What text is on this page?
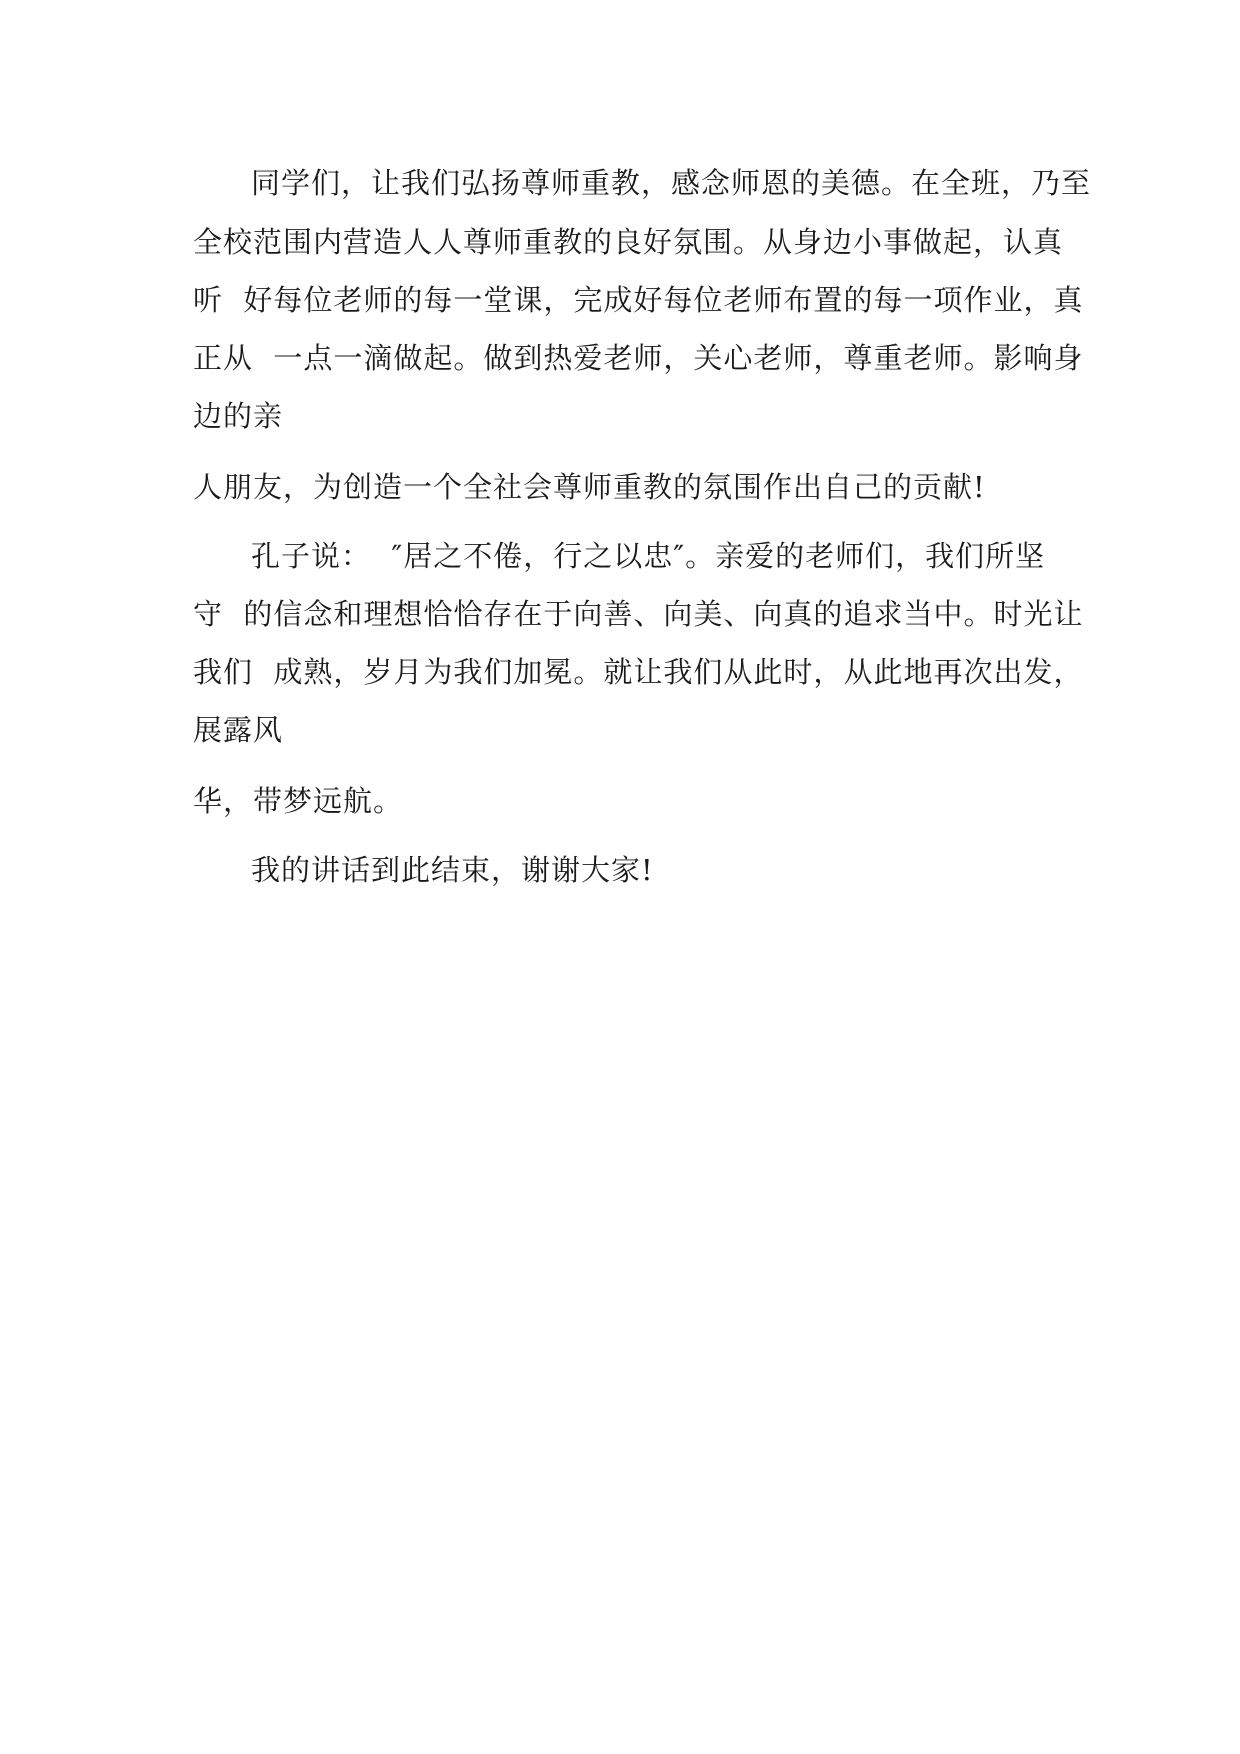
同学们，让我们弘扬尊师重教，感念师恩的美德。在全班，乃至
全校范围内营造人人尊师重教的良好氛围。从身边小事做起，认真
听  好每位老师的每一堂课，完成好每位老师布置的每一项作业，真
正从  一点一滴做起。做到热爱老师，关心老师，尊重老师。影响身
边的亲
人朋友，为创造一个全社会尊师重教的氛围作出自己的贡献!
孔子说：  ″居之不倦，行之以忠″。亲爱的老师们，我们所坚
守  的信念和理想恰恰存在于向善、向美、向真的追求当中。时光让
我们  成熟，岁月为我们加冕。就让我们从此时，从此地再次出发，
展露风
华，带梦远航。
我的讲话到此结束，谢谢大家!
